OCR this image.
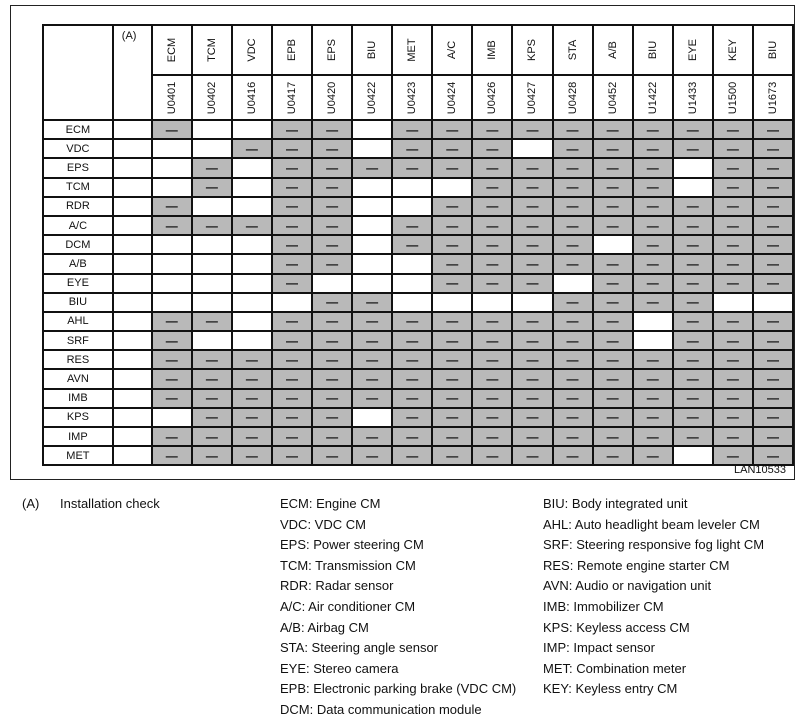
	(A)	ECM	TCM	VDC	EPB	EPS	BIU	MET	A/C	IMB	KPS	STA	A/B	BIU	EYE	KEY	BIU

		U0401	U0402	U0416	U0417	U0420	U0422	U0423	U0424	U0426	U0427	U0428	U0452	U1422	U1433	U1500	U1673

ECM		—			—	—		—	—	—	—	—	—	—	—	—	—
VDC				—	—	—		—	—	—		—	—	—	—	—	—
EPS			—		—	—	—	—	—	—	—	—	—	—		—	—
TCM			—		—	—				—	—	—	—	—		—	—
RDR		—			—	—			—	—	—	—	—	—	—	—	—
A/C		—	—	—	—	—		—	—	—	—	—	—	—	—	—	—
DCM					—	—		—	—	—	—	—		—	—	—	—
A/B					—	—			—	—	—	—	—	—	—	—	—
EYE					—				—	—	—		—	—	—	—	—
BIU						—	—					—	—	—	—		
AHL		—	—		—	—	—	—	—	—	—	—	—		—	—	—
SRF		—			—	—	—	—	—	—	—	—	—		—	—	—
RES		—	—	—	—	—	—	—	—	—	—	—	—	—	—	—	—
AVN		—	—	—	—	—	—	—	—	—	—	—	—	—	—	—	—
IMB		—	—	—	—	—	—	—	—	—	—	—	—	—	—	—	—
KPS			—	—	—	—		—	—	—	—	—	—	—	—	—	—
IMP		—	—	—	—	—	—	—	—	—	—	—	—	—	—	—	—
MET		—	—	—	—	—	—	—	—	—	—	—	—	—		—	—
LAN10533
(A) Installation check	ECM: Engine CM
VDC: VDC CM
EPS: Power steering CM
TCM: Transmission CM
RDR: Radar sensor
A/C: Air conditioner CM
A/B: Airbag CM
STA: Steering angle sensor
EYE: Stereo camera
EPB: Electronic parking brake (VDC CM)
DCM: Data communication module
BIU: Body integrated unit
AHL: Auto headlight beam leveler CM
SRF: Steering responsive fog light CM
RES: Remote engine starter CM
AVN: Audio or navigation unit
IMB: Immobilizer CM
KPS: Keyless access CM
IMP: Impact sensor
MET: Combination meter
KEY: Keyless entry CM
